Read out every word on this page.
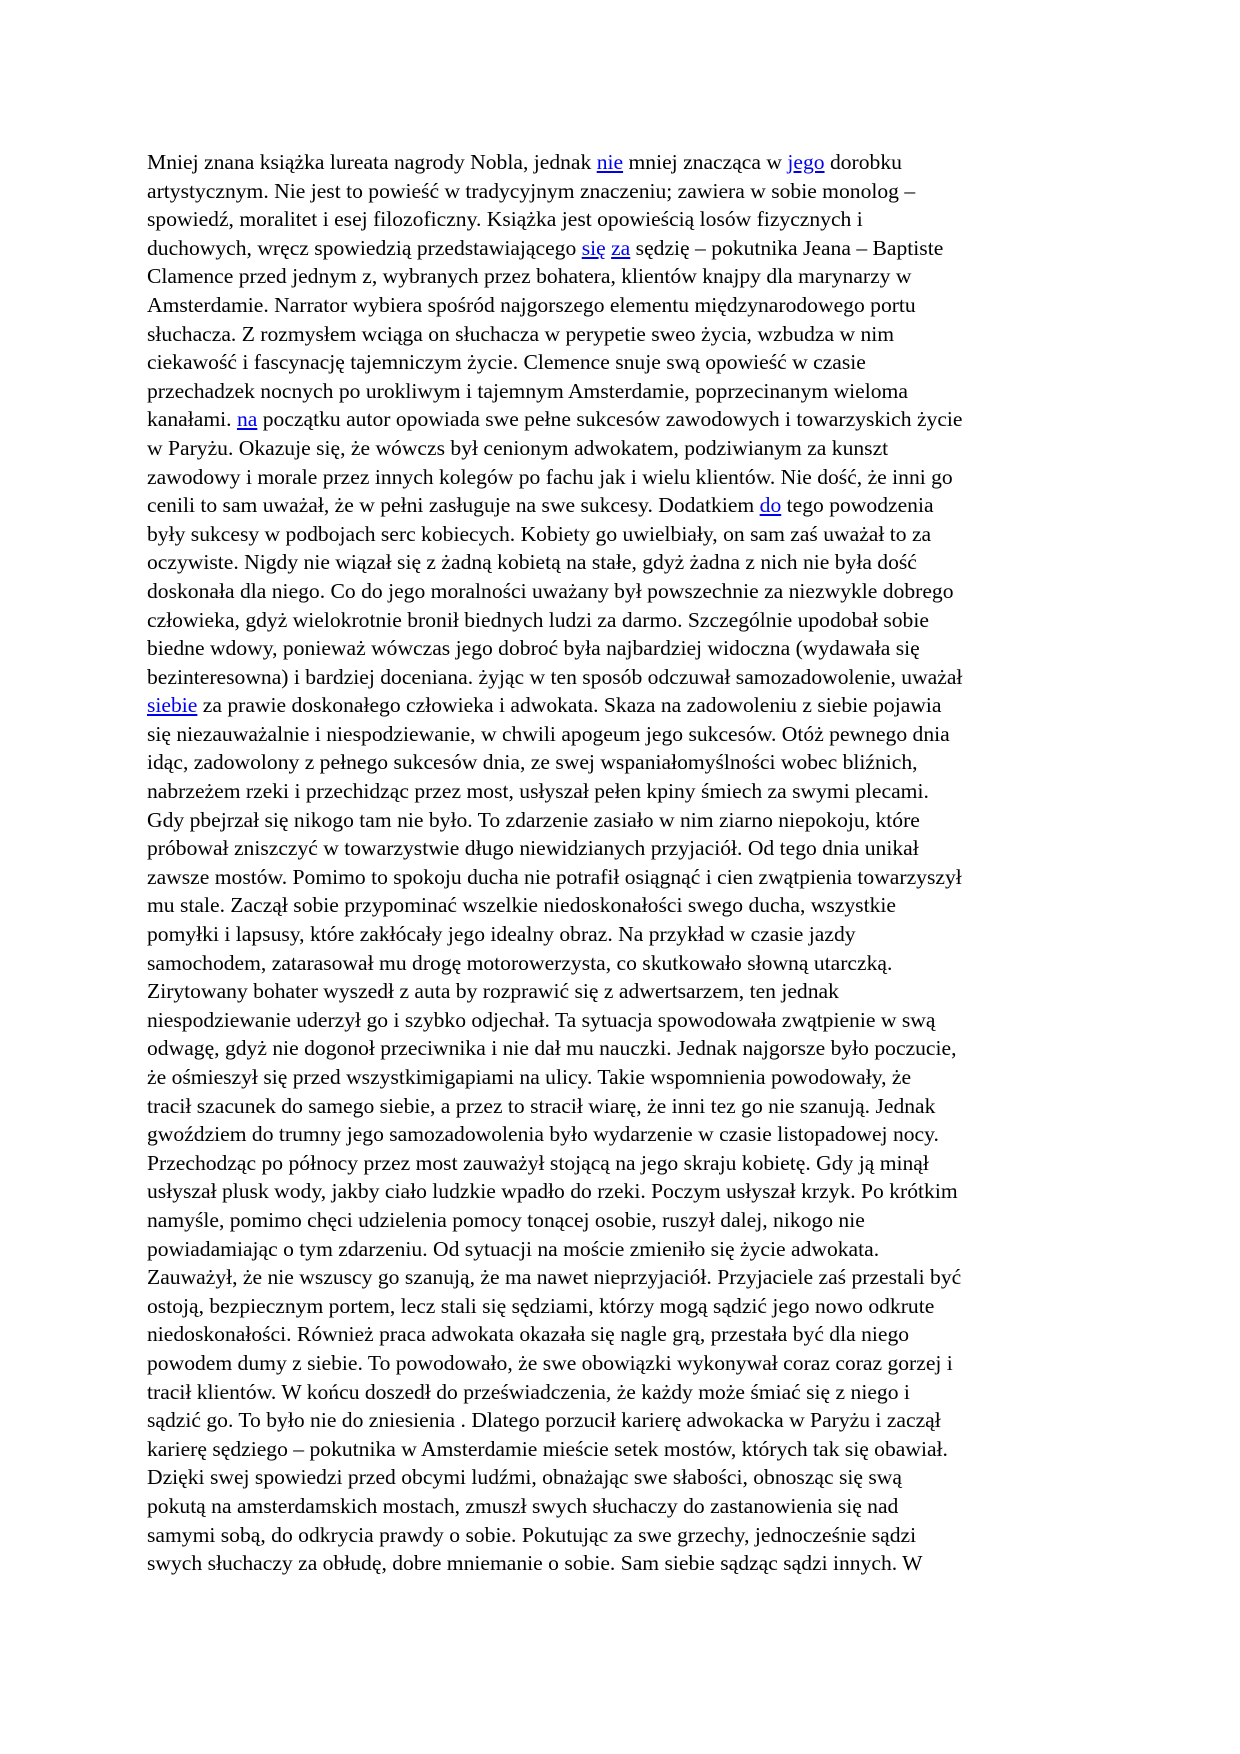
Mniej znana książka lureata nagrody Nobla, jednak nie mniej znacząca w jego dorobku
artystycznym. Nie jest to powieść w tradycyjnym znaczeniu; zawiera w sobie monolog –
spowiedź, moralitet i esej filozoficzny. Książka jest opowieścią losów fizycznych i
duchowych, wręcz spowiedzią przedstawiającego się za sędzię – pokutnika Jeana – Baptiste
Clamence przed jednym z, wybranych przez bohatera, klientów knajpy dla marynarzy w
Amsterdamie. Narrator wybiera spośród najgorszego elementu międzynarodowego portu
słuchacza. Z rozmysłem wciąga on słuchacza w perypetie sweo życia, wzbudza w nim
ciekawość i fascynację tajemniczym życie. Clemence snuje swą opowieść w czasie
przechadzek nocnych po urokliwym i tajemnym Amsterdamie, poprzecinanym wieloma
kanałami. na początku autor opowiada swe pełne sukcesów zawodowych i towarzyskich życie
w Paryżu. Okazuje się, że wówczs był cenionym adwokatem, podziwianym za kunszt
zawodowy i morale przez innych kolegów po fachu jak i wielu klientów. Nie dość, że inni go
cenili to sam uważał, że w pełni zasługuje na swe sukcesy. Dodatkiem do tego powodzenia
były sukcesy w podbojach serc kobiecych. Kobiety go uwielbiały, on sam zaś uważał to za
oczywiste. Nigdy nie wiązał się z żadną kobietą na stałe, gdyż żadna z nich nie była dość
doskonała dla niego. Co do jego moralności uważany był powszechnie za niezwykle dobrego
człowieka, gdyż wielokrotnie bronił biednych ludzi za darmo. Szczególnie upodobał sobie
biedne wdowy, ponieważ wówczas jego dobroć była najbardziej widoczna (wydawała się
bezinteresowna) i bardziej doceniana. żyjąc w ten sposób odczuwał samozadowolenie, uważał
siebie za prawie doskonałego człowieka i adwokata. Skaza na zadowoleniu z siebie pojawia
się niezauważalnie i niespodziewanie, w chwili apogeum jego sukcesów. Otóż pewnego dnia
idąc, zadowolony z pełnego sukcesów dnia, ze swej wspaniałomyślności wobec bliźnich,
nabrzeżem rzeki i przechidząc przez most, usłyszał pełen kpiny śmiech za swymi plecami.
Gdy pbejrzał się nikogo tam nie było. To zdarzenie zasiało w nim ziarno niepokoju, które
próbował zniszczyć w towarzystwie długo niewidzianych przyjaciół. Od tego dnia unikał
zawsze mostów. Pomimo to spokoju ducha nie potrafił osiągnąć i cien zwątpienia towarzyszył
mu stale. Zaczął sobie przypominać wszelkie niedoskonałości swego ducha, wszystkie
pomyłki i lapsusy, które zakłócały jego idealny obraz. Na przykład w czasie jazdy
samochodem, zatarasował mu drogę motorowerzysta, co skutkowało słowną utarczką.
Zirytowany bohater wyszedł z auta by rozprawić się z adwertsarzem, ten jednak
niespodziewanie uderzył go i szybko odjechał. Ta sytuacja spowodowała zwątpienie w swą
odwagę, gdyż nie dogonoł przeciwnika i nie dał mu nauczki. Jednak najgorsze było poczucie,
że ośmieszył się przed wszystkimigapiami na ulicy. Takie wspomnienia powodowały, że
tracił szacunek do samego siebie, a przez to stracił wiarę, że inni tez go nie szanują. Jednak
gwoździem do trumny jego samozadowolenia było wydarzenie w czasie listopadowej nocy.
Przechodząc po północy przez most zauważył stojącą na jego skraju kobietę. Gdy ją minął
usłyszał plusk wody, jakby ciało ludzkie wpadło do rzeki. Poczym usłyszał krzyk. Po krótkim
namyśle, pomimo chęci udzielenia pomocy tonącej osobie, ruszył dalej, nikogo nie
powiadamiając o tym zdarzeniu. Od sytuacji na moście zmieniło się życie adwokata.
Zauważył, że nie wszuscy go szanują, że ma nawet nieprzyjaciół. Przyjaciele zaś przestali być
ostoją, bezpiecznym portem, lecz stali się sędziami, którzy mogą sądzić jego nowo odkrute
niedoskonałości. Również praca adwokata okazała się nagle grą, przestała być dla niego
powodem dumy z siebie. To powodowało, że swe obowiązki wykonywał coraz coraz gorzej i
tracił klientów. W końcu doszedł do przeświadczenia, że każdy może śmiać się z niego i
sądzić go. To było nie do zniesienia . Dlatego porzucił karierę adwokacka w Paryżu i zaczął
karierę sędziego – pokutnika w Amsterdamie mieście setek mostów, których tak się obawiał.
Dzięki swej spowiedzi przed obcymi ludźmi, obnażając swe słabości, obnosząc się swą
pokutą na amsterdamskich mostach, zmuszł swych słuchaczy do zastanowienia się nad
samymi sobą, do odkrycia prawdy o sobie. Pokutując za swe grzechy, jednocześnie sądzi
swych słuchaczy za obłudę, dobre mniemanie o sobie. Sam siebie sądząc sądzi innych. W
